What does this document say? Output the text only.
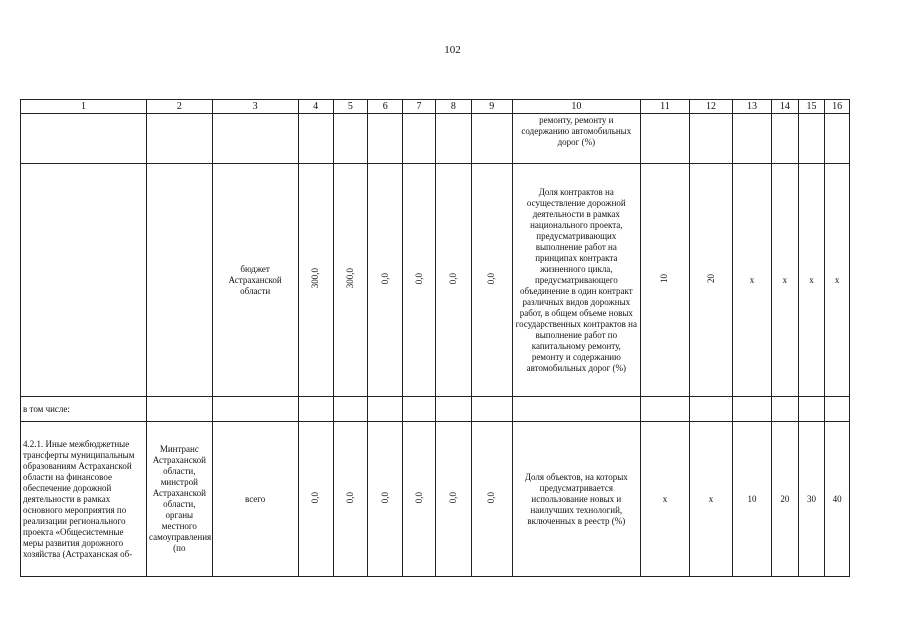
102
1	2	3	4	5	6	7	8	9	10	11	12	13	14	15	16
									ремонту, ремонту и содержанию автомобильных дорог (%)						
		бюджет Астраханской области	300,0	300,0	0,0	0,0	0,0	0,0	Доля контрактов на осуществление дорожной деятельности в рамках национального проекта, предусматривающих выполнение работ на принципах контракта жизненного цикла, предусматривающего объединение в один контракт различных видов дорожных работ, в общем объеме новых государственных контрактов на выполнение работ по капитальному ремонту, ремонту и содержанию автомобильных дорог (%)	10	20	x	x	x	x
в том числе:															
4.2.1. Иные межбюджетные трансферты муниципальным образованиям Астраханской области на финансовое обеспечение дорожной деятельности в рамках основного мероприятия по реализации регионального проекта «Общесистемные меры развития дорожного хозяйства (Астраханская об-	Минтранс Астраханской области, минстрой Астраханской области, органы местного самоуправления (по	всего	0,0	0,0	0,0	0,0	0,0	0,0	Доля объектов, на которых предусматривается использование новых и наилучших технологий, включенных в реестр (%)	x	x	10	20	30	40
